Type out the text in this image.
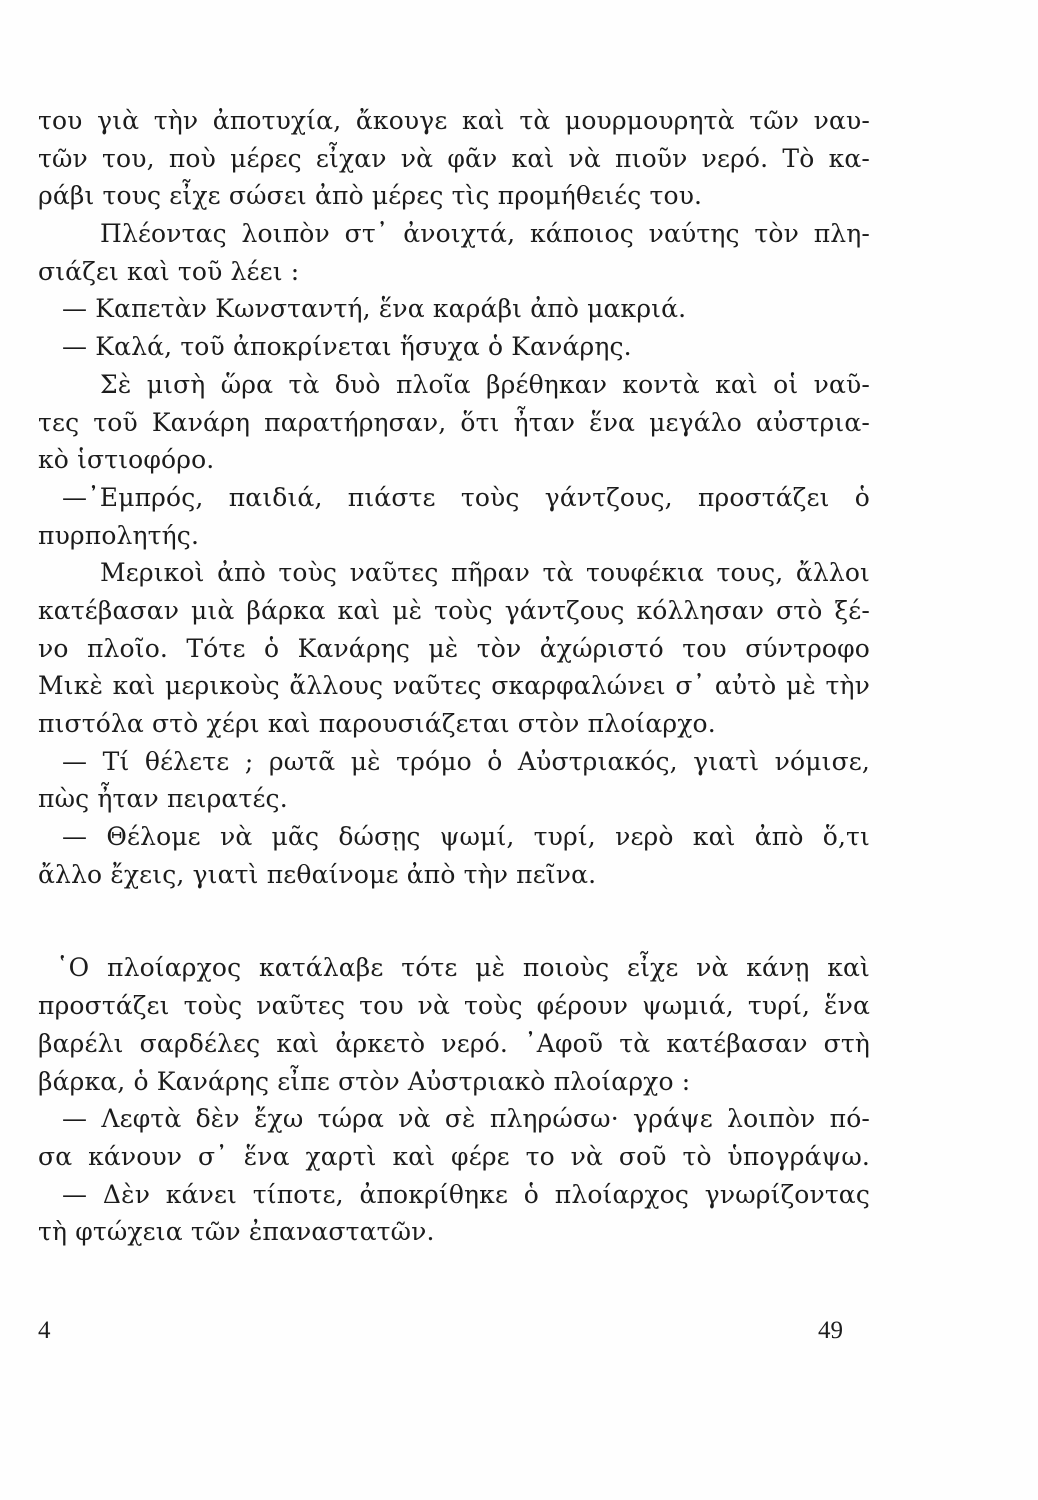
του γιὰ τὴν ἀποτυχία, ἄκουγε καὶ τὰ μουρμουρητὰ τῶν ναυ-
τῶν του, ποὺ μέρες εἶχαν νὰ φᾶν καὶ νὰ πιοῦν νερό. Τὸ κα-
ράβι τους εἶχε σώσει ἀπὸ μέρες τὶς προμήθειές του.
Πλέοντας λοιπὸν στ᾽ ἀνοιχτά, κάποιος ναύτης τὸν πλη-
σιάζει καὶ τοῦ λέει :
— Καπετὰν Κωνσταντή, ἕνα καράβι ἀπὸ μακριά.
— Καλά, τοῦ ἀποκρίνεται ἥσυχα ὁ Κανάρης.
Σὲ μισὴ ὥρα τὰ δυὸ πλοῖα βρέθηκαν κοντὰ καὶ οἱ ναῦ-
τες τοῦ Κανάρη παρατήρησαν, ὅτι ἦταν ἕνα μεγάλο αὐστρια-
κὸ ἱστιοφόρο.
—᾽Εμπρός, παιδιά, πιάστε τοὺς γάντζους, προστάζει ὁ
πυρπολητής.
Μερικοὶ ἀπὸ τοὺς ναῦτες πῆραν τὰ τουφέκια τους, ἄλλοι
κατέβασαν μιὰ βάρκα καὶ μὲ τοὺς γάντζους κόλλησαν στὸ ξέ-
νο πλοῖο. Τότε ὁ Κανάρης μὲ τὸν ἀχώριστό του σύντροφο
Μικὲ καὶ μερικοὺς ἄλλους ναῦτες σκαρφαλώνει σ᾽ αὐτὸ μὲ τὴν
πιστόλα στὸ χέρι καὶ παρουσιάζεται στὸν πλοίαρχο.
— Τί θέλετε ; ρωτᾶ μὲ τρόμο ὁ Αὐστριακός, γιατὶ νόμισε,
πὼς ἦταν πειρατές.
— Θέλομε νὰ μᾶς δώσῃς ψωμί, τυρί, νερὸ καὶ ἀπὸ ὅ,τι
ἄλλο ἔχεις, γιατὶ πεθαίνομε ἀπὸ τὴν πεῖνα.
῾Ο πλοίαρχος κατάλαβε τότε μὲ ποιοὺς εἶχε νὰ κάνῃ καὶ
προστάζει τοὺς ναῦτες του νὰ τοὺς φέρουν ψωμιά, τυρί, ἕνα
βαρέλι σαρδέλες καὶ ἀρκετὸ νερό. ᾽Αφοῦ τὰ κατέβασαν στὴ
βάρκα, ὁ Κανάρης εἶπε στὸν Αὐστριακὸ πλοίαρχο :
— Λεφτὰ δὲν ἔχω τώρα νὰ σὲ πληρώσω· γράψε λοιπὸν πό-
σα κάνουν σ᾽ ἕνα χαρτὶ καὶ φέρε το νὰ σοῦ τὸ ὑπογράψω.
— Δὲν κάνει τίποτε, ἀποκρίθηκε ὁ πλοίαρχος γνωρίζοντας
τὴ φτώχεια τῶν ἐπαναστατῶν.
4	49
